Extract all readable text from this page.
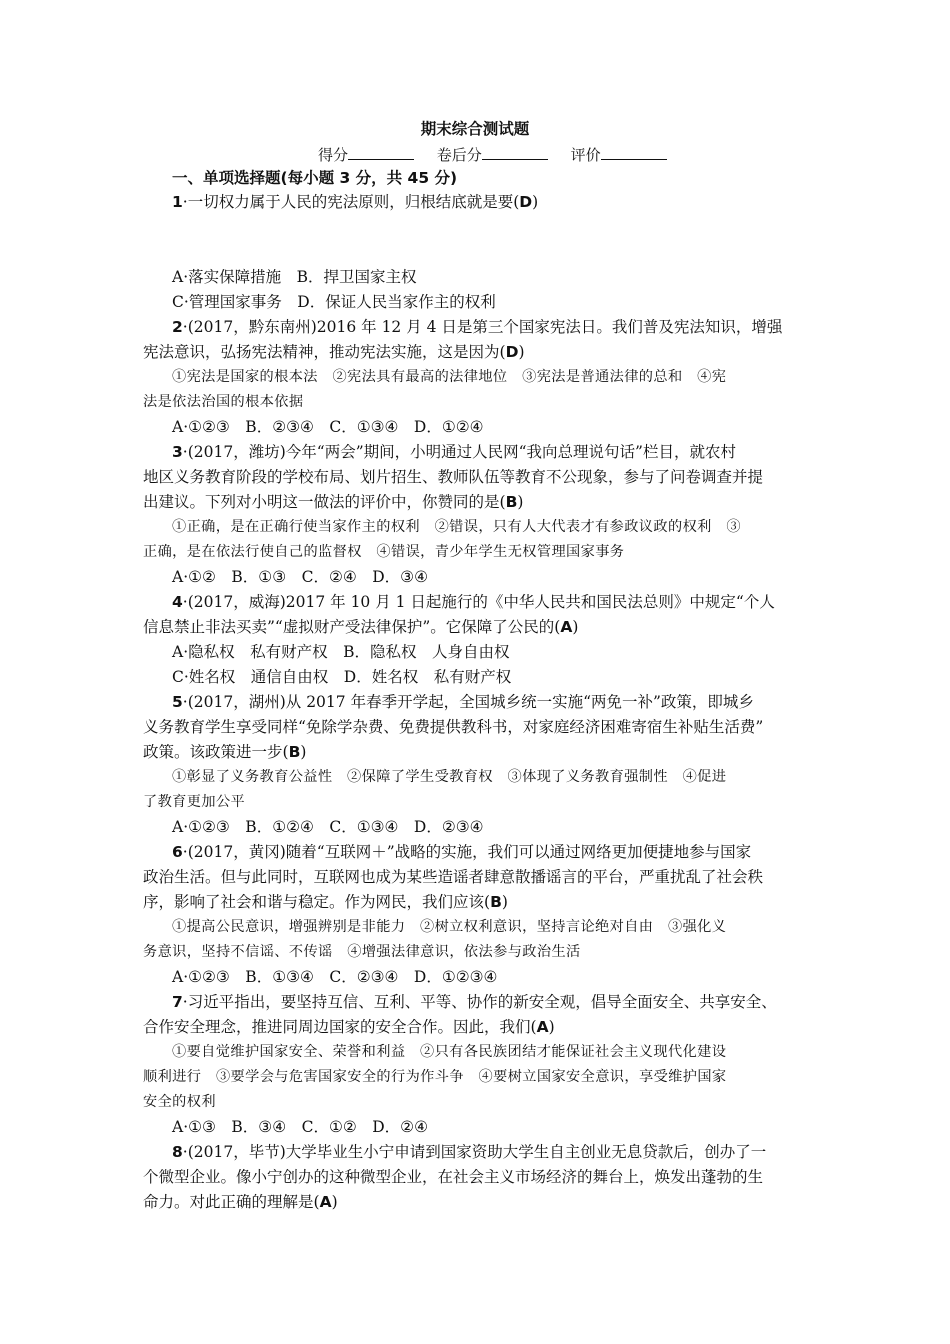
期末综合测试题
得分	卷后分	评价
一、单项选择题(每小题 3 分，共 45 分)
1·一切权力属于人民的宪法原则，归根结底就是要(D)
A·落实保障措施　B．捍卫国家主权
C·管理国家事务　D．保证人民当家作主的权利
2·(2017，黔东南州)2016 年 12 月 4 日是第三个国家宪法日。我们普及宪法知识，增强
宪法意识，弘扬宪法精神，推动宪法实施，这是因为(D)
①宪法是国家的根本法　②宪法具有最高的法律地位　③宪法是普通法律的总和　④宪
法是依法治国的根本依据
A·①②③　B．②③④　C．①③④　D．①②④
3·(2017，潍坊)今年“两会”期间，小明通过人民网“我向总理说句话”栏目，就农村
地区义务教育阶段的学校布局、划片招生、教师队伍等教育不公现象，参与了问卷调查并提
出建议。下列对小明这一做法的评价中，你赞同的是(B)
①正确，是在正确行使当家作主的权利　②错误，只有人大代表才有参政议政的权利　③
正确，是在依法行使自己的监督权　④错误，青少年学生无权管理国家事务
A·①②　B．①③　C．②④　D．③④
4·(2017，威海)2017 年 10 月 1 日起施行的《中华人民共和国民法总则》中规定“个人
信息禁止非法买卖”“虚拟财产受法律保护”。它保障了公民的(A)
A·隐私权　私有财产权　B．隐私权　人身自由权
C·姓名权　通信自由权　D．姓名权　私有财产权
5·(2017，湖州)从 2017 年春季开学起，全国城乡统一实施“两免一补”政策，即城乡
义务教育学生享受同样“免除学杂费、免费提供教科书，对家庭经济困难寄宿生补贴生活费”
政策。该政策进一步(B)
①彰显了义务教育公益性　②保障了学生受教育权　③体现了义务教育强制性　④促进
了教育更加公平
A·①②③　B．①②④　C．①③④　D．②③④
6·(2017，黄冈)随着“互联网＋”战略的实施，我们可以通过网络更加便捷地参与国家
政治生活。但与此同时，互联网也成为某些造谣者肆意散播谣言的平台，严重扰乱了社会秩
序，影响了社会和谐与稳定。作为网民，我们应该(B)
①提高公民意识，增强辨别是非能力　②树立权利意识，坚持言论绝对自由　③强化义
务意识，坚持不信谣、不传谣　④增强法律意识，依法参与政治生活
A·①②③　B．①③④　C．②③④　D．①②③④
7·习近平指出，要坚持互信、互利、平等、协作的新安全观，倡导全面安全、共享安全、
合作安全理念，推进同周边国家的安全合作。因此，我们(A)
①要自觉维护国家安全、荣誉和利益　②只有各民族团结才能保证社会主义现代化建设
顺利进行　③要学会与危害国家安全的行为作斗争　④要树立国家安全意识，享受维护国家
安全的权利
A·①③　B．③④　C．①②　D．②④
8·(2017，毕节)大学毕业生小宁申请到国家资助大学生自主创业无息贷款后，创办了一
个微型企业。像小宁创办的这种微型企业，在社会主义市场经济的舞台上，焕发出蓬勃的生
命力。对此正确的理解是(A)
